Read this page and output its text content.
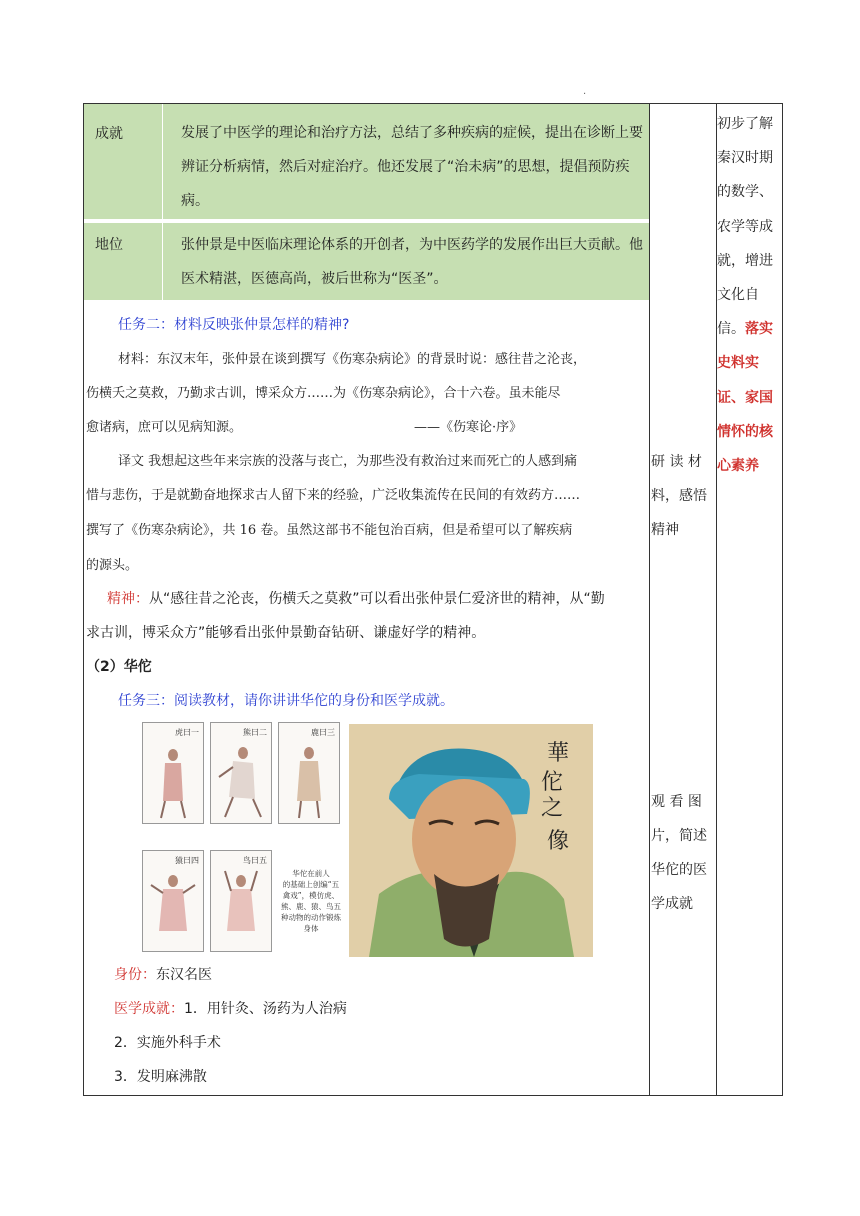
.
成就	发展了中医学的理论和治疗方法，总结了多种疾病的症候，提出在诊断上要辨证分析病情，然后对症治疗。他还发展了“治未病”的思想，提倡预防疾病。
地位	张仲景是中医临床理论体系的开创者，为中医药学的发展作出巨大贡献。他医术精湛，医德高尚，被后世称为“医圣”。
任务二：材料反映张仲景怎样的精神?
材料：东汉末年，张仲景在谈到撰写《伤寒杂病论》的背景时说：感往昔之沦丧，
伤横夭之莫救，乃勤求古训，博采众方……为《伤寒杂病论》，合十六卷。虽未能尽
愈诸病，庶可以见病知源。	——《伤寒论·序》
译文 我想起这些年来宗族的没落与丧亡，为那些没有救治过来而死亡的人感到痛
惜与悲伤，于是就勤奋地探求古人留下来的经验，广泛收集流传在民间的有效药方……
撰写了《伤寒杂病论》，共 16 卷。虽然这部书不能包治百病，但是希望可以了解疾病
的源头。
精神：从“感往昔之沦丧，伤横夭之莫救”可以看出张仲景仁爱济世的精神，从“勤
求古训，博采众方”能够看出张仲景勤奋钻研、谦虚好学的精神。
（2）华佗
任务三：阅读教材，请你讲讲华佗的身份和医学成就。
虎曰一	熊曰二	鹿曰三
猿曰四	鸟曰五
华佗在前人
的基础上创编“五
禽戏”，模仿虎、
熊、鹿、猿、鸟五
种动物的动作锻炼
身体
華
佗之
像
身份：东汉名医
医学成就：1．用针灸、汤药为人治病
2．实施外科手术
3．发明麻沸散
研 读 材
料，感悟
精神
观 看 图
片，简述
华佗的医
学成就
初步了解
秦汉时期
的数学、
农学等成
就，增进
文化自
信。落实
史料实
证、家国
情怀的核
心素养
